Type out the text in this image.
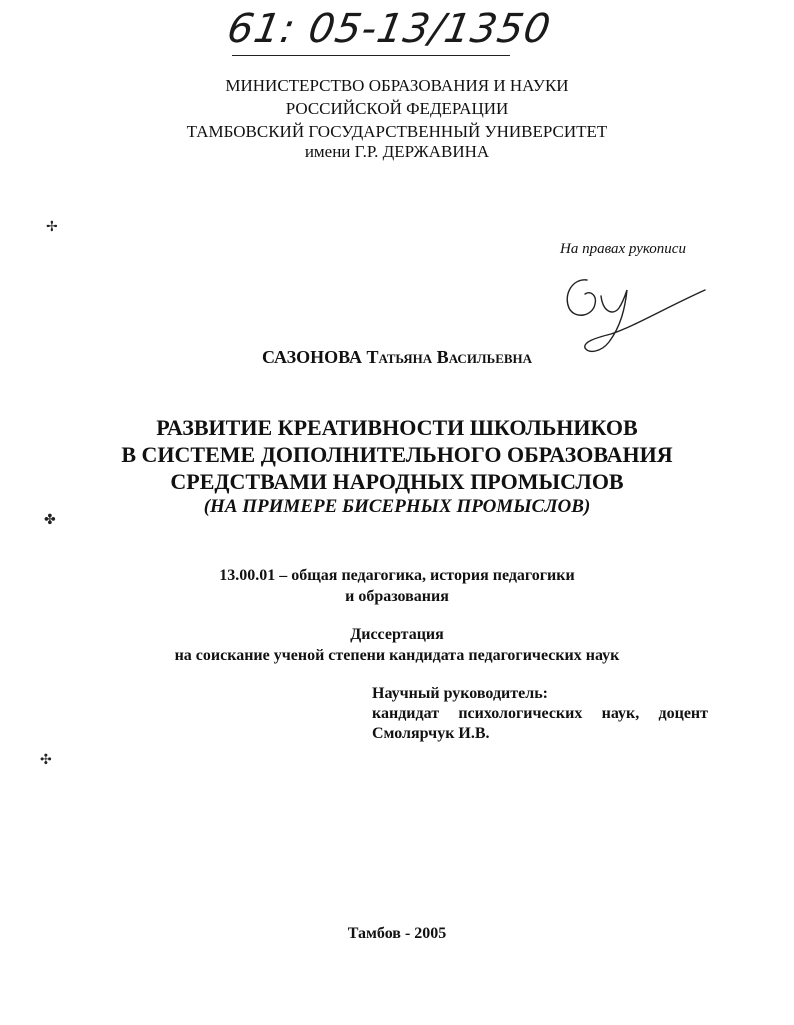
61: 05-13/1350
МИНИСТЕРСТВО ОБРАЗОВАНИЯ И НАУКИ
РОССИЙСКОЙ ФЕДЕРАЦИИ
ТАМБОВСКИЙ ГОСУДАРСТВЕННЫЙ УНИВЕРСИТЕТ
имени Г.Р. ДЕРЖАВИНА
✢
✤
✣
На правах рукописи
САЗОНОВА Татьяна Васильевна
РАЗВИТИЕ КРЕАТИВНОСТИ ШКОЛЬНИКОВ
В СИСТЕМЕ ДОПОЛНИТЕЛЬНОГО ОБРАЗОВАНИЯ
СРЕДСТВАМИ НАРОДНЫХ ПРОМЫСЛОВ
(НА ПРИМЕРЕ БИСЕРНЫХ ПРОМЫСЛОВ)
13.00.01 – общая педагогика, история педагогики
и образования
Диссертация
на соискание ученой степени кандидата педагогических наук
Научный руководитель:
кандидат психологических наук, доцент
Смолярчук И.В.
Тамбов - 2005
